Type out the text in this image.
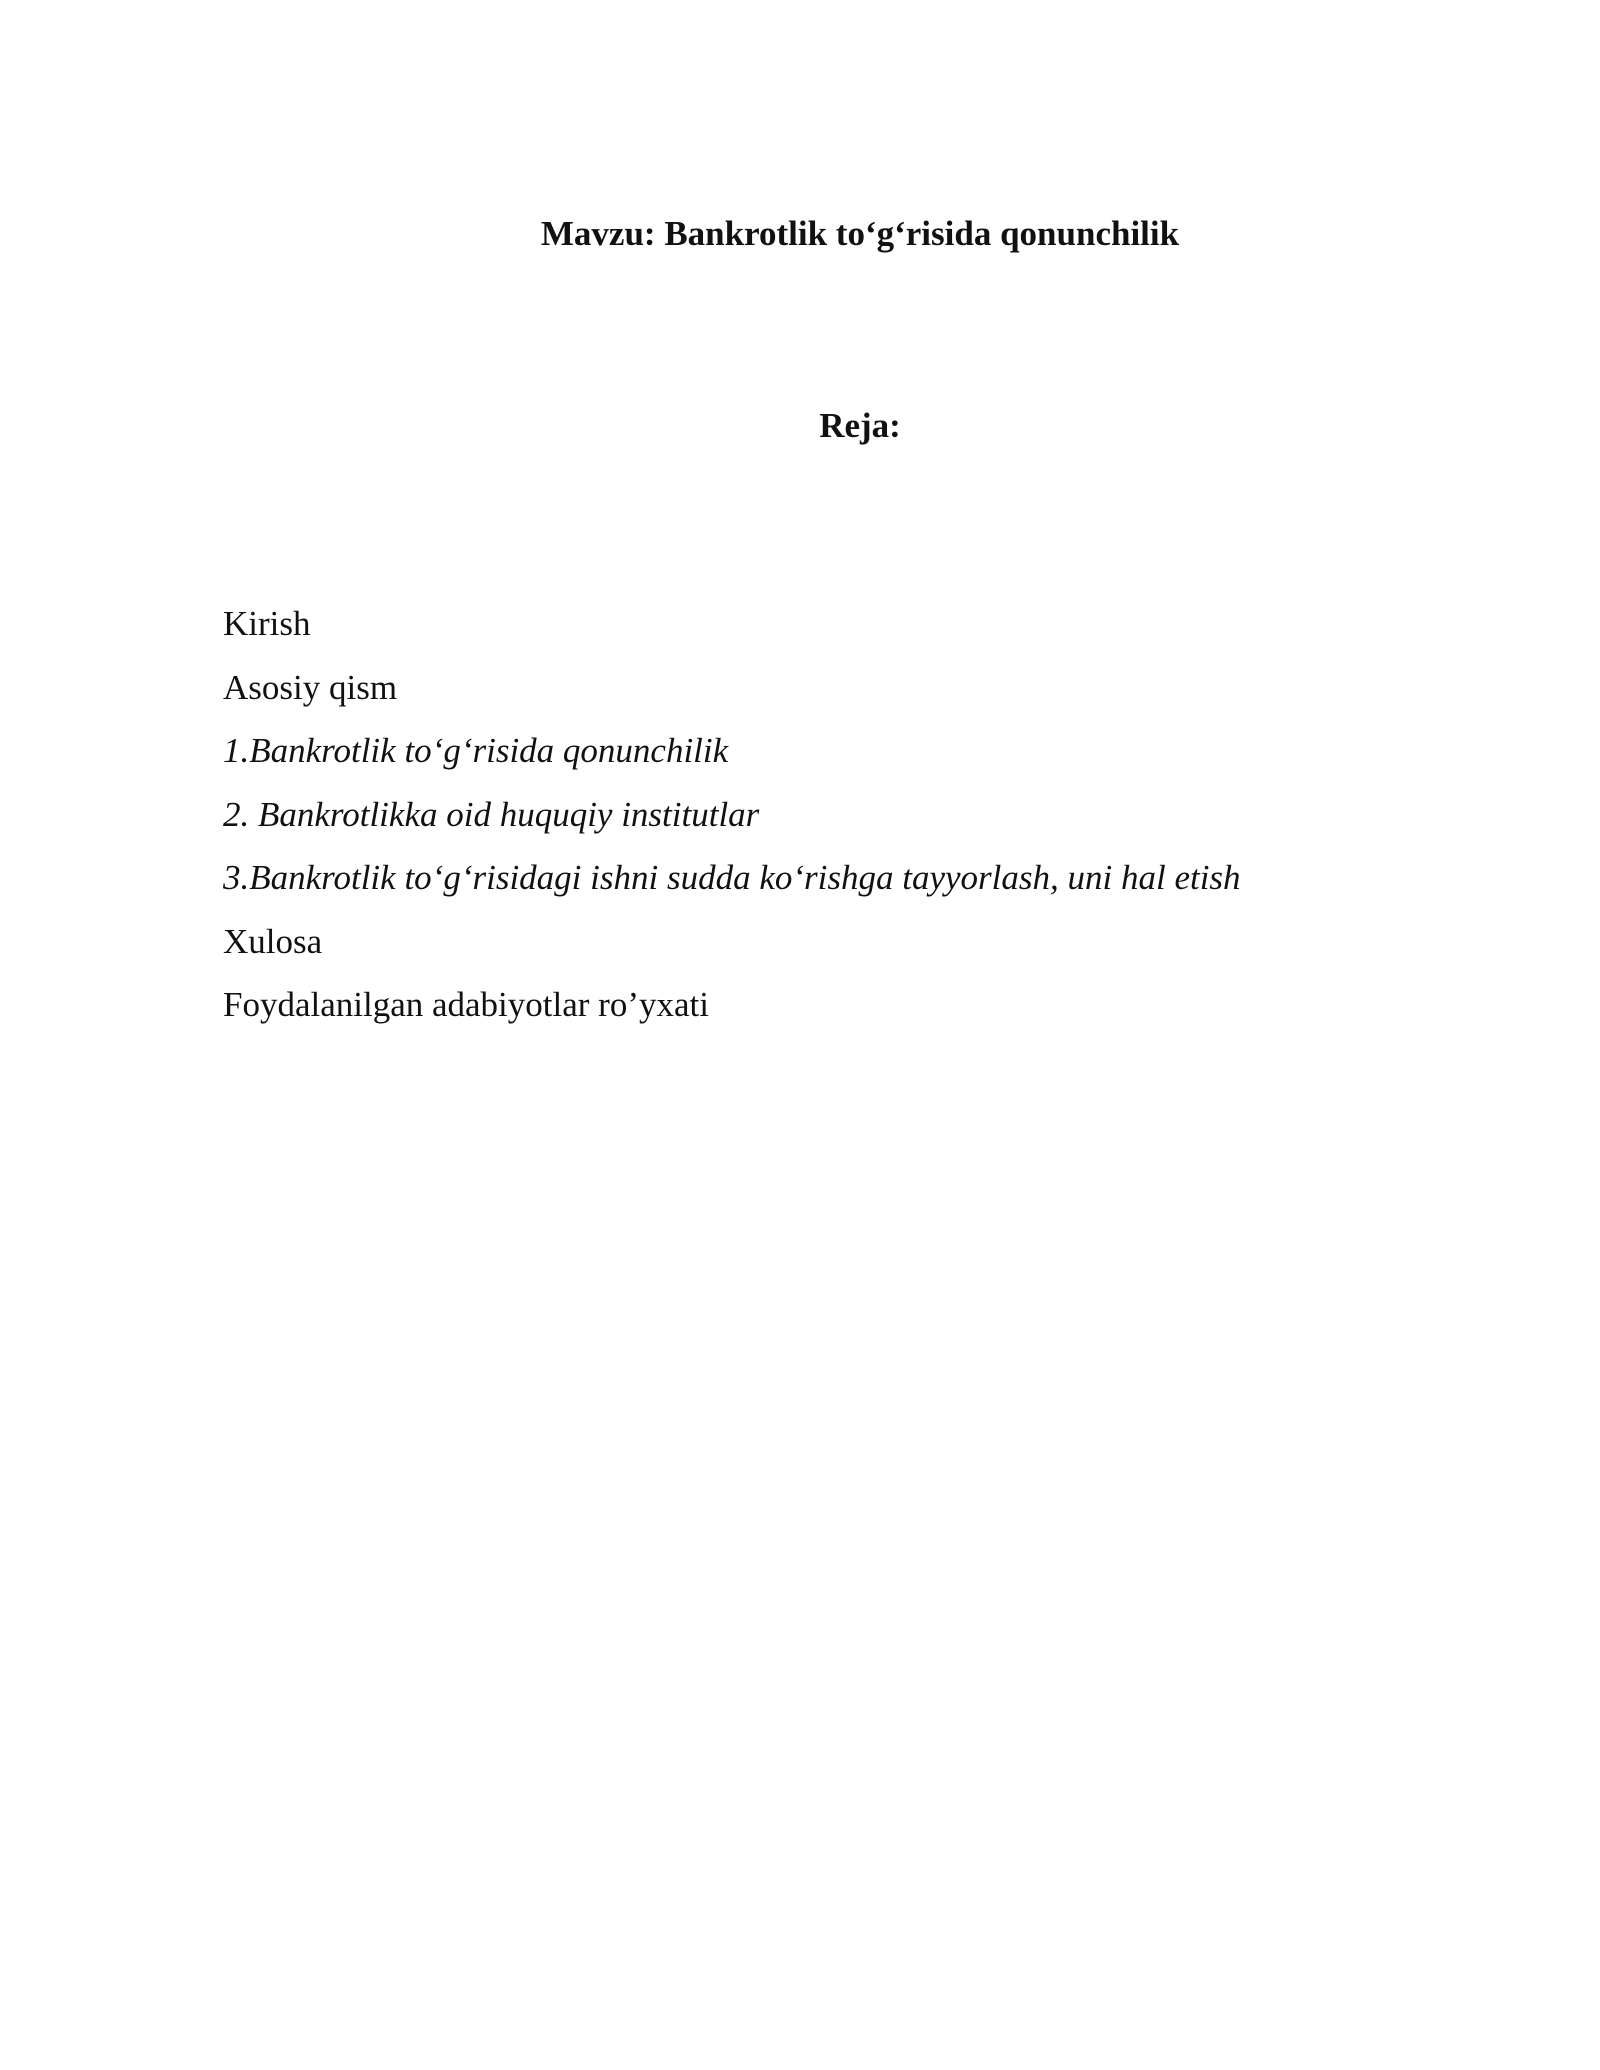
Mavzu: Bankrotlik to‘g‘risida qonunchilik
Reja:
Kirish
Asosiy qism
1.Bankrotlik to‘g‘risida qonunchilik
2. Bankrotlikka oid huquqiy institutlar
3.Bankrotlik to‘g‘risidagi ishni sudda ko‘rishga tayyorlash, uni hal etish
Xulosa
Foydalanilgan adabiyotlar ro’yxati
